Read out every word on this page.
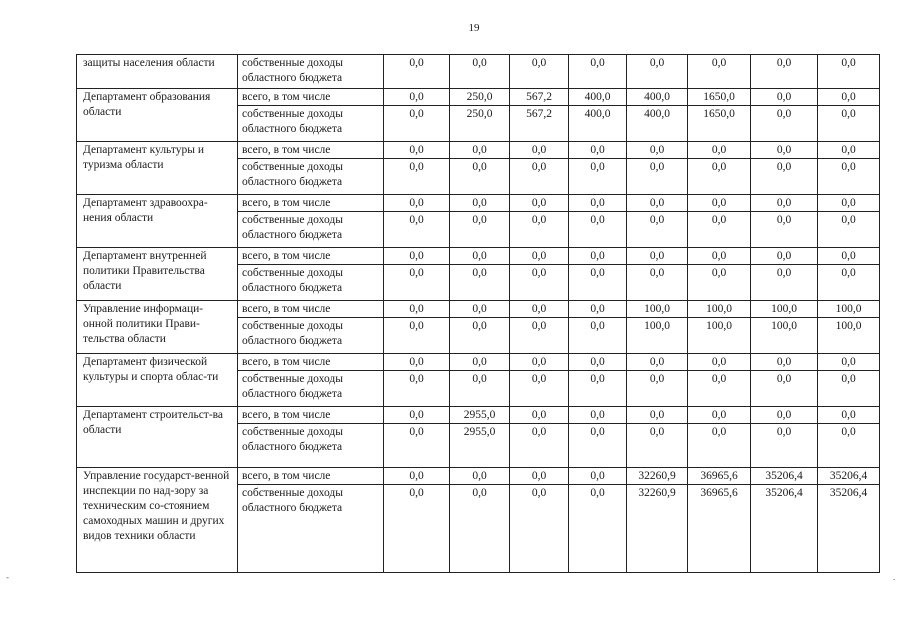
19
защиты населения области	собственные доходы областного бюджета	0,0	0,0	0,0	0,0	0,0	0,0	0,0	0,0
Департамент образования области	всего, в том числе	0,0	250,0	567,2	400,0	400,0	1650,0	0,0	0,0
	собственные доходы областного бюджета	0,0	250,0	567,2	400,0	400,0	1650,0	0,0	0,0
Департамент культуры и туризма области	всего, в том числе	0,0	0,0	0,0	0,0	0,0	0,0	0,0	0,0
	собственные доходы областного бюджета	0,0	0,0	0,0	0,0	0,0	0,0	0,0	0,0
Департамент здравоохра-нения области	всего, в том числе	0,0	0,0	0,0	0,0	0,0	0,0	0,0	0,0
	собственные доходы областного бюджета	0,0	0,0	0,0	0,0	0,0	0,0	0,0	0,0
Департамент внутренней политики Правительства области	всего, в том числе	0,0	0,0	0,0	0,0	0,0	0,0	0,0	0,0
	собственные доходы областного бюджета	0,0	0,0	0,0	0,0	0,0	0,0	0,0	0,0
Управление информаци-онной политики Прави-тельства области	всего, в том числе	0,0	0,0	0,0	0,0	100,0	100,0	100,0	100,0
	собственные доходы областного бюджета	0,0	0,0	0,0	0,0	100,0	100,0	100,0	100,0
Департамент физической культуры и спорта облас-ти	всего, в том числе	0,0	0,0	0,0	0,0	0,0	0,0	0,0	0,0
	собственные доходы областного бюджета	0,0	0,0	0,0	0,0	0,0	0,0	0,0	0,0
Департамент строительст-ва области	всего, в том числе	0,0	2955,0	0,0	0,0	0,0	0,0	0,0	0,0
	собственные доходы областного бюджета	0,0	2955,0	0,0	0,0	0,0	0,0	0,0	0,0
Управление государст-венной инспекции по над-зору за техническим со-стоянием самоходных машин и других видов техники области	всего, в том числе	0,0	0,0	0,0	0,0	32260,9	36965,6	35206,4	35206,4
	собственные доходы областного бюджета	0,0	0,0	0,0	0,0	32260,9	36965,6	35206,4	35206,4
-	.
